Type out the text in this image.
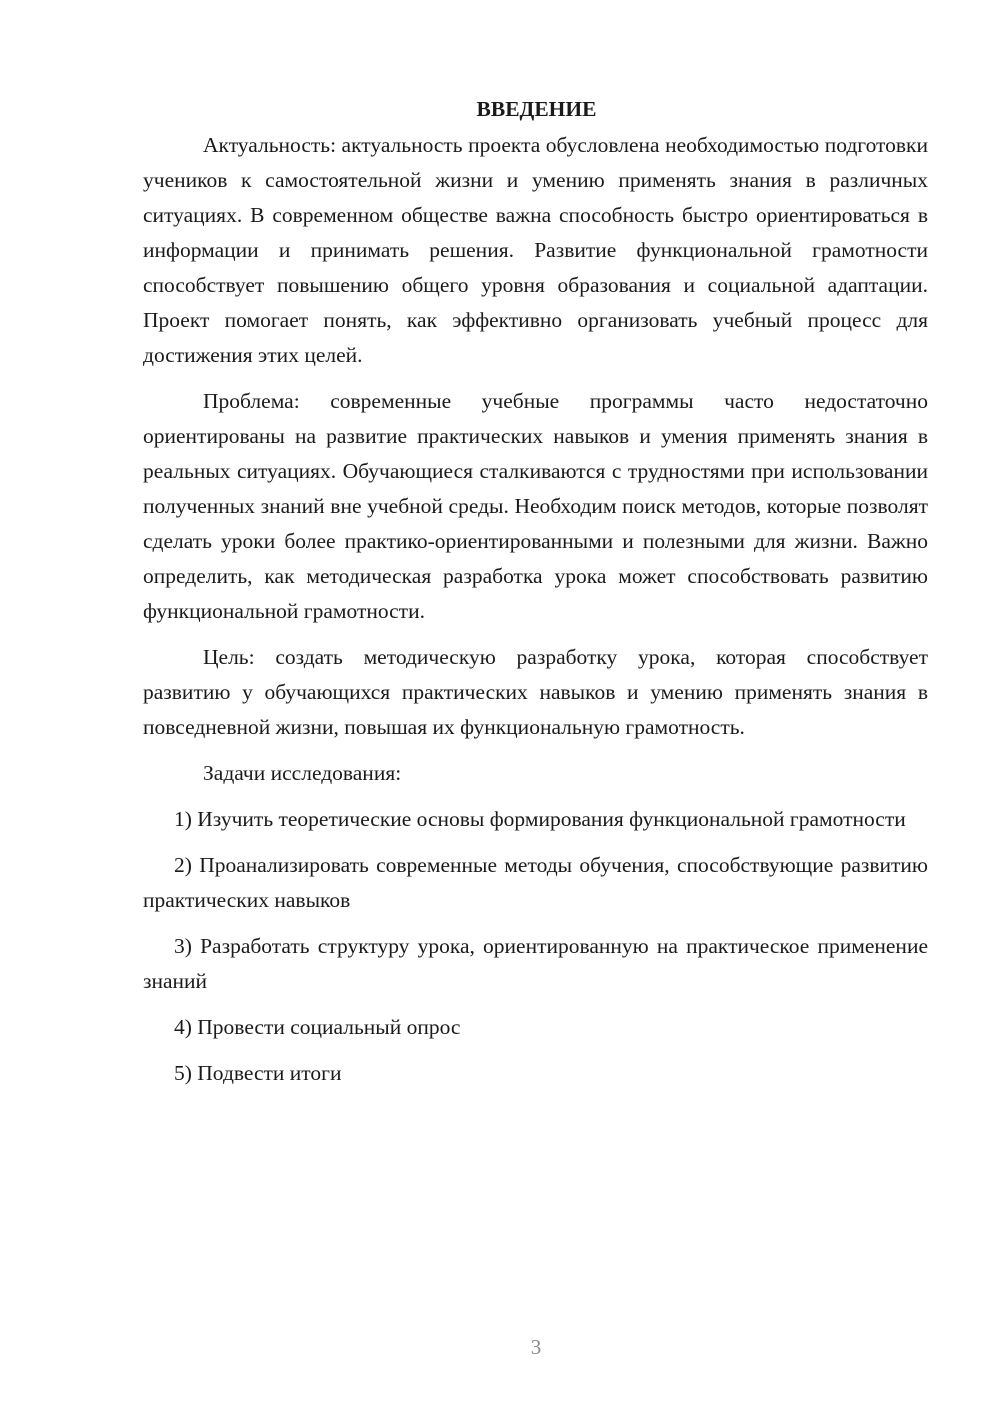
ВВЕДЕНИЕ

Актуальность: актуальность проекта обусловлена необходимостью подготовки учеников к самостоятельной жизни и умению применять знания в различных ситуациях. В современном обществе важна способность быстро ориентироваться в информации и принимать решения. Развитие функциональной грамотности способствует повышению общего уровня образования и социальной адаптации. Проект помогает понять, как эффективно организовать учебный процесс для достижения этих целей.

Проблема: современные учебные программы часто недостаточно ориентированы на развитие практических навыков и умения применять знания в реальных ситуациях. Обучающиеся сталкиваются с трудностями при использовании полученных знаний вне учебной среды. Необходим поиск методов, которые позволят сделать уроки более практико-ориентированными и полезными для жизни. Важно определить, как методическая разработка урока может способствовать развитию функциональной грамотности.

Цель: создать методическую разработку урока, которая способствует развитию у обучающихся практических навыков и умению применять знания в повседневной жизни, повышая их функциональную грамотность.

Задачи исследования:

1) Изучить теоретические основы формирования функциональной грамотности

2) Проанализировать современные методы обучения, способствующие развитию практических навыков

3) Разработать структуру урока, ориентированную на практическое применение знаний

4) Провести социальный опрос

5) Подвести итоги

3
